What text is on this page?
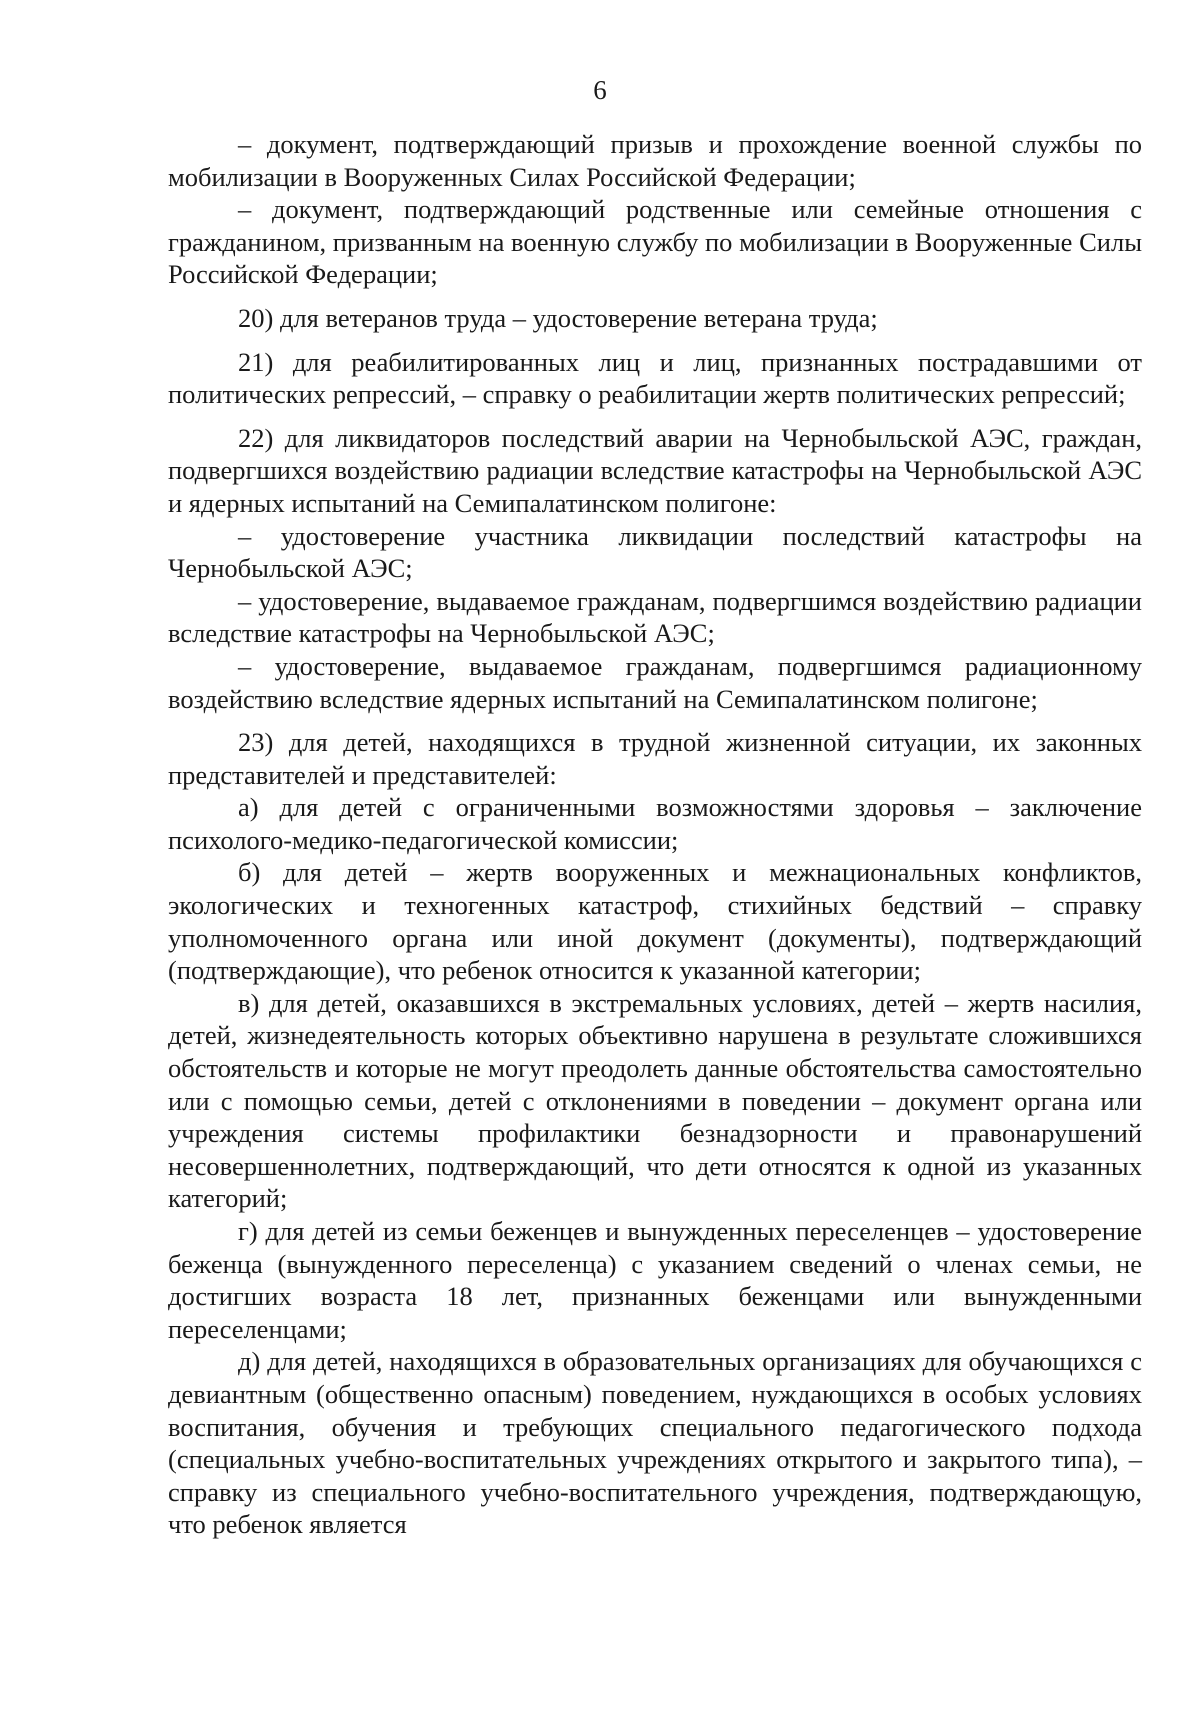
6

– документ, подтверждающий призыв и прохождение военной службы по мобилизации в Вооруженных Силах Российской Федерации;

– документ, подтверждающий родственные или семейные отношения с гражданином, призванным на военную службу по мобилизации в Вооруженные Силы Российской Федерации;

20) для ветеранов труда – удостоверение ветерана труда;

21) для реабилитированных лиц и лиц, признанных пострадавшими от политических репрессий, – справку о реабилитации жертв политических репрессий;

22) для ликвидаторов последствий аварии на Чернобыльской АЭС, граждан, подвергшихся воздействию радиации вследствие катастрофы на Чернобыльской АЭС и ядерных испытаний на Семипалатинском полигоне:

– удостоверение участника ликвидации последствий катастрофы на Чернобыльской АЭС;

– удостоверение, выдаваемое гражданам, подвергшимся воздействию радиации вследствие катастрофы на Чернобыльской АЭС;

– удостоверение, выдаваемое гражданам, подвергшимся радиационному воздействию вследствие ядерных испытаний на Семипалатинском полигоне;

23) для детей, находящихся в трудной жизненной ситуации, их законных представителей и представителей:

а) для детей с ограниченными возможностями здоровья – заключение психолого-медико-педагогической комиссии;

б) для детей – жертв вооруженных и межнациональных конфликтов, экологических и техногенных катастроф, стихийных бедствий – справку уполномоченного органа или иной документ (документы), подтверждающий (подтверждающие), что ребенок относится к указанной категории;

в) для детей, оказавшихся в экстремальных условиях, детей – жертв насилия, детей, жизнедеятельность которых объективно нарушена в результате сложившихся обстоятельств и которые не могут преодолеть данные обстоятельства самостоятельно или с помощью семьи, детей с отклонениями в поведении – документ органа или учреждения системы профилактики безнадзорности и правонарушений несовершеннолетних, подтверждающий, что дети относятся к одной из указанных категорий;

г) для детей из семьи беженцев и вынужденных переселенцев – удостоверение беженца (вынужденного переселенца) с указанием сведений о членах семьи, не достигших возраста 18 лет, признанных беженцами или вынужденными переселенцами;

д) для детей, находящихся в образовательных организациях для обучающихся с девиантным (общественно опасным) поведением, нуждающихся в особых условиях воспитания, обучения и требующих специального педагогического подхода (специальных учебно-воспитательных учреждениях открытого и закрытого типа), – справку из специального учебно-воспитательного учреждения, подтверждающую, что ребенок является
